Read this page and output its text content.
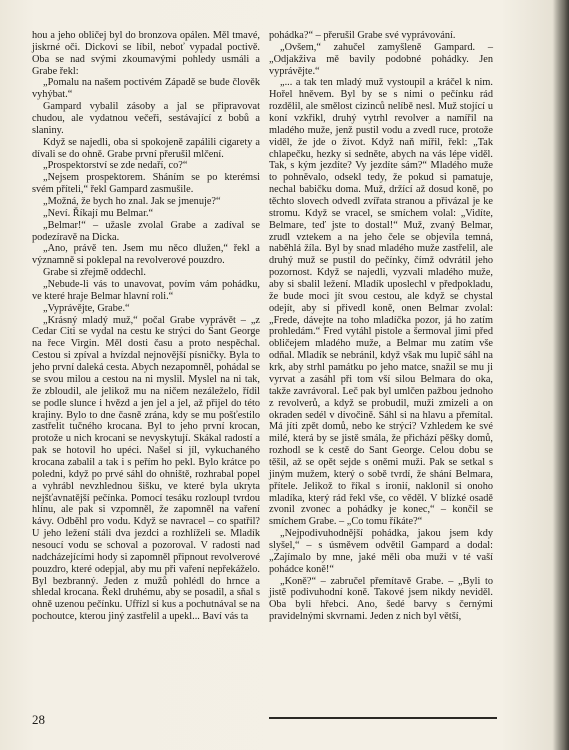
hou a jeho obličej byl do bronzova opálen. Měl tmavé, jiskrné oči. Dickovi se líbil, neboť vypadal poctivě. Oba se nad svými zkoumavými pohledy usmáli a Grabe řekl:

„Pomalu na našem poctivém Západě se bude člověk vyhýbat.“

Gampard vybalil zásoby a jal se připravovat chudou, ale vydatnou večeři, sestávající z bobů a slaniny.

Když se najedli, oba si spokojeně zapálili cigarety a dívali se do ohně. Grabe první přerušil mlčení.

„Prospektorství se zde nedaří, co?“

„Nejsem prospektorem. Sháním se po kterémsi svém příteli,“ řekl Gampard zasmušile.

„Možná, že bych ho znal. Jak se jmenuje?“

„Neví. Říkají mu Belmar.“

„Belmar!“ – užasle zvolal Grabe a zadíval se podezíravě na Dicka.

„Ano, právě ten. Jsem mu něco dlužen,“ řekl a významně si poklepal na revolverové pouzdro.

Grabe si zřejmě oddechl.

„Nebude-li vás to unavovat, povím vám pohádku, ve které hraje Belmar hlavní roli.“

„Vyprávějte, Grabe.“

„Krásný mladý muž,“ počal Grabe vyprávět – „z Cedar Citi se vydal na cestu ke strýci do Sant George na řece Virgin. Měl dosti času a proto nespěchal. Cestou si zpíval a hvízdal nejnovější písničky. Byla to jeho první daleká cesta. Abych nezapomněl, pohádal se se svou milou a cestou na ni myslil. Myslel na ni tak, že zbloudil, ale jelikož mu na ničem nezáleželo, řídil se podle slunce i hvězd a jen jel a jel, až přijel do této krajiny. Bylo to dne časně zrána, kdy se mu pošťestilo zastřelit tučného krocana. Byl to jeho první krocan, protože u nich krocani se nevyskytují. Skákal radostí a pak se hotovil ho upéci. Našel si jíl, vykuchaného krocana zabalil a tak i s peřím ho pekl. Bylo krátce po poledni, když po prvé sáhl do ohniště, rozhrabal popel a vyhrábl nevzhlednou šišku, ve které byla ukryta nejšťavnatější pečínka. Pomocí tesáku rozloupl tvrdou hlínu, ale pak si vzpomněl, že zapomněl na vaření kávy. Odběhl pro vodu. Když se navracel – co spatřil? U jeho ležení stáli dva jezdci a rozhlíželi se. Mladík nesoucí vodu se schoval a pozoroval. V radosti nad nadcházejícími hody si zapomněl připnout revolverové pouzdro, které odepjal, aby mu při vaření nepřekáželo. Byl bezbranný. Jeden z mužů pohlédl do hrnce a shledal krocana. Řekl druhému, aby se posadil, a sňal s ohně uzenou pečínku. Ufřízl si kus a pochutnával se na pochoutce, kterou jiný zastřelil a upekl... Baví vás ta

pohádka?“ – přerušil Grabe své vyprávování.

„Ovšem,“ zahučel zamyšleně Gampard. – „Odjakživa mě bavily podobné pohádky. Jen vyprávějte.“

„... a tak ten mladý muž vystoupil a kráčel k nim. Hořel hněvem. Byl by se s nimi o pečínku rád rozdělil, ale smělost cizinců nelíbě nesl. Muž stojící u koní vzkřikl, druhý vytrhl revolver a namířil na mladého muže, jenž pustil vodu a zvedl ruce, protože viděl, že jde o život. Když naň mířil, řekl: „Tak chlapečku, hezky si sedněte, abych na vás lépe viděl. Tak, s kým jezdíte? Vy jezdíte sám?“ Mladého muže to pohněvalo, odsekl tedy, že pokud si pamatuje, nechal babičku doma. Muž, držící až dosud koně, po těchto slovech odvedl zvířata stranou a přivázal je ke stromu. Když se vracel, se smíchem volal: „Vidíte, Belmare, teď jste to dostal!“ Muž, zvaný Belmar, zrudl vztekem a na jeho čele se objevila temná, naběhlá žíla. Byl by snad mladého muže zastřelil, ale druhý muž se pustil do pečínky, čímž odvrátil jeho pozornost. Když se najedli, vyzvali mladého muže, aby si sbalil ležení. Mladík uposlechl v předpokladu, že bude moci jít svou cestou, ale když se chystal odejít, aby si přivedl koně, onen Belmar zvolal: „Frede, dávejte na toho mladíčka pozor, já ho zatím prohledám.“ Fred vytáhl pistole a šermoval jimi před obličejem mladého muže, a Belmar mu zatím vše odňal. Mladík se nebránil, když však mu lupič sáhl na krk, aby strhl památku po jeho matce, snažil se mu ji vyrvat a zasáhl při tom vší silou Belmara do oka, takže zavrávoral. Leč pak byl umlčen pažbou jednoho z revolverů, a když se probudil, muži zmizeli a on okraden sedél v divočině. Sáhl si na hlavu a přemítal. Má jíti zpět domů, nebo ke strýci? Vzhledem ke své milé, která by se jistě smála, že přichází pěšky domů, rozhodl se k cestě do Sant George. Celou dobu se těšil, až se opět sejde s oněmi muži. Pak se setkal s jiným mužem, který o sobě tvrdí, že shání Belmara, přítele. Jelikož to říkal s ironií, naklonil si onoho mladíka, který rád řekl vše, co věděl. V blízké osadě zvonil zvonec a pohádky je konec,“ – končil se smíchem Grabe. – „Co tomu říkáte?“

„Nejpodivuhodnější pohádka, jakou jsem kdy slyšel,“ – s úsměvem odvětil Gampard a dodal: „Zajímalo by mne, jaké měli oba muži v té vaší pohádce koně!“

„Koně?“ – zabručel přemítavě Grabe. – „Byli to jistě podivuhodní koně. Takové jsem nikdy neviděl. Oba byli hřebci. Ano, šedé barvy s černými pravidelnými skvrnami. Jeden z nich byl větší,

28
